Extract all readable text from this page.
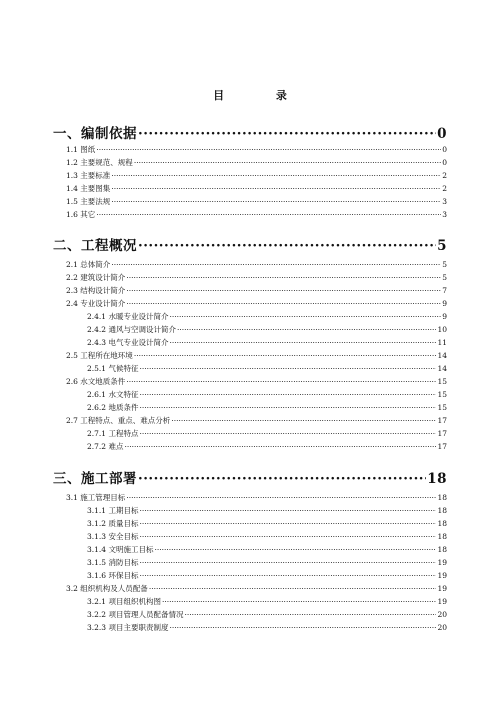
目 录
一、编制依据 ·····	0
1.1 图纸 ·····	0
1.2 主要规范、规程 ·····	0
1.3 主要标准 ·····	2
1.4 主要图集 ·····	2
1.5 主要法规 ·····	3
1.6 其它 ·····	3
二、工程概况 ·····	5
2.1 总体简介 ·····	5
2.2 建筑设计简介 ·····	5
2.3 结构设计简介 ·····	7
2.4 专业设计简介 ·····	9
2.4.1 水暖专业设计简介 ·····	9
2.4.2 通风与空调设计简介 ·····	10
2.4.3 电气专业设计简介 ·····	11
2.5 工程所在地环境 ·····	14
2.5.1 气候特征 ·····	14
2.6 水文地质条件 ·····	15
2.6.1 水文特征 ·····	15
2.6.2 地质条件 ·····	15
2.7 工程特点、重点、难点分析 ·····	17
2.7.1 工程特点 ·····	17
2.7.2 难点 ·····	17
三、施工部署 ·····	18
3.1 施工管理目标 ·····	18
3.1.1 工期目标 ·····	18
3.1.2 质量目标 ·····	18
3.1.3 安全目标 ·····	18
3.1.4 文明施工目标 ·····	18
3.1.5 消防目标 ·····	19
3.1.6 环保目标 ·····	19
3.2 组织机构及人员配备 ·····	19
3.2.1 项目组织机构图 ·····	19
3.2.2 项目管理人员配备情况 ·····	20
3.2.3 项目主要职责制度 ·····	20
